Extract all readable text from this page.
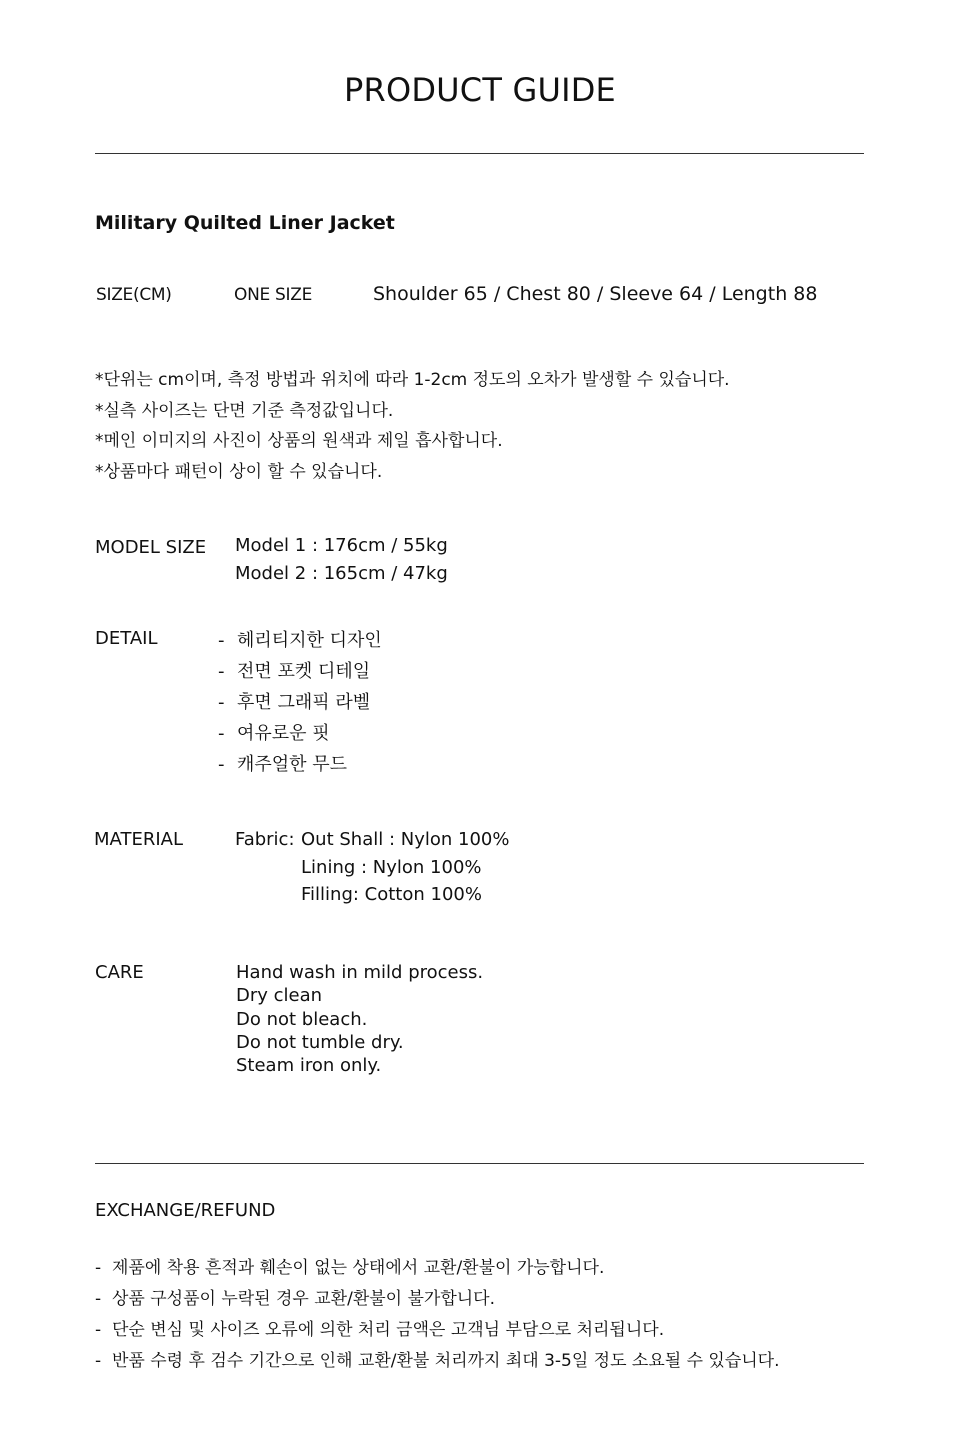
PRODUCT GUIDE
Military Quilted Liner Jacket
SIZE(CM)	ONE SIZE	Shoulder 65 / Chest 80 / Sleeve 64 / Length 88
*단위는 cm이며, 측정 방법과 위치에 따라 1-2cm 정도의 오차가 발생할 수 있습니다.
*실측 사이즈는 단면 기준 측정값입니다.
*메인 이미지의 사진이 상품의 원색과 제일 흡사합니다.
*상품마다 패턴이 상이 할 수 있습니다.
MODEL SIZE Model 1 : 176cm / 55kg
Model 2 : 165cm / 47kg
DETAIL	- 헤리티지한 디자인
- 전면 포켓 디테일
- 후면 그래픽 라벨
- 여유로운 핏
- 캐주얼한 무드
MATERIAL	Fabric: Out Shall : Nylon 100%
Lining : Nylon 100%
Filling: Cotton 100%
CARE	Hand wash in mild process.
Dry clean
Do not bleach.
Do not tumble dry.
Steam iron only.
EXCHANGE/REFUND
- 제품에 착용 흔적과 훼손이 없는 상태에서 교환/환불이 가능합니다.
- 상품 구성품이 누락된 경우 교환/환불이 불가합니다.
- 단순 변심 및 사이즈 오류에 의한 처리 금액은 고객님 부담으로 처리됩니다.
- 반품 수령 후 검수 기간으로 인해 교환/환불 처리까지 최대 3-5일 정도 소요될 수 있습니다.
